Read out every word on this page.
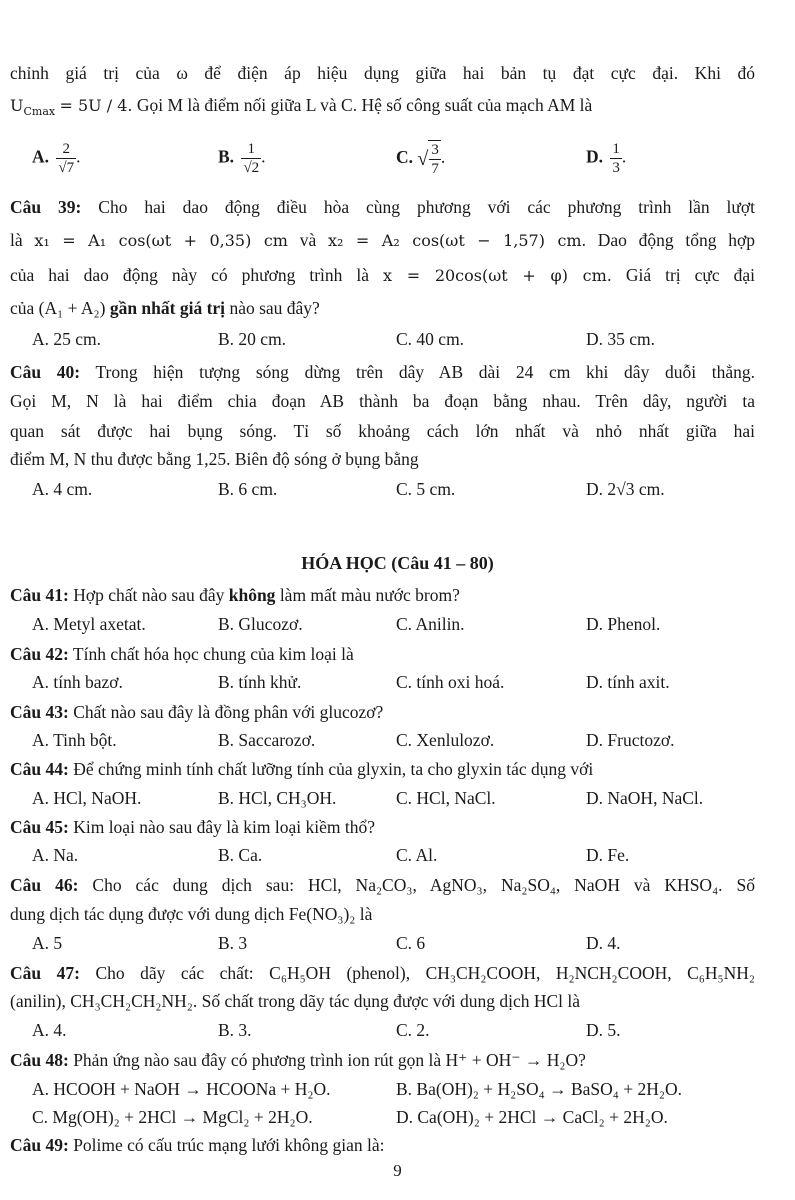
chỉnh giá trị của ω để điện áp hiệu dụng giữa hai bản tụ đạt cực đại. Khi đó
$U_{Cmax} = 5U / 4$. Gọi M là điểm nối giữa L và C. Hệ số công suất của mạch AM là
A. $\frac{2}{√7}$ .	B. $\frac{1}{√2}$ .	C. √ $\frac{3}{7}$ .	D. $\frac{1}{3}$ .
Câu 39: Cho hai dao động điều hòa cùng phương với các phương trình lần lượt
là x₁ = A₁ cos(ωt + 0,35) cm và x₂ = A₂ cos(ωt − 1,57) cm. Dao động tổng hợp
của hai dao động này có phương trình là x = 20cos(ωt + φ) cm. Giá trị cực đại
của (A₁ + A₂) gần nhất giá trị nào sau đây?
A. 25 cm.	B. 20 cm.	C. 40 cm.	D. 35 cm.
Câu 40: Trong hiện tượng sóng dừng trên dây AB dài 24 cm khi dây duỗi thẳng.
Gọi M, N là hai điểm chia đoạn AB thành ba đoạn bằng nhau. Trên dây, người ta
quan sát được hai bụng sóng. Tỉ số khoảng cách lớn nhất và nhỏ nhất giữa hai
điểm M, N thu được bằng 1,25. Biên độ sóng ở bụng bằng
A. 4 cm.	B. 6 cm.	C. 5 cm.	D. 2√3 cm.
HÓA HỌC (Câu 41 – 80)
Câu 41: Hợp chất nào sau đây không làm mất màu nước brom?
A. Metyl axetat.	B. Glucozơ.	C. Anilin.	D. Phenol.
Câu 42: Tính chất hóa học chung của kim loại là
A. tính bazơ.	B. tính khử.	C. tính oxi hoá.	D. tính axit.
Câu 43: Chất nào sau đây là đồng phân với glucozơ?
A. Tinh bột.	B. Saccarozơ.	C. Xenlulozơ.	D. Fructozơ.
Câu 44: Để chứng minh tính chất lưỡng tính của glyxin, ta cho glyxin tác dụng với
A. HCl, NaOH.	B. HCl, CH₃OH.	C. HCl, NaCl.	D. NaOH, NaCl.
Câu 45: Kim loại nào sau đây là kim loại kiềm thổ?
A. Na.	B. Ca.	C. Al.	D. Fe.
Câu 46: Cho các dung dịch sau: HCl, Na₂CO₃, AgNO₃, Na₂SO₄, NaOH và KHSO₄. Số
dung dịch tác dụng được với dung dịch Fe(NO₃)₂ là
A. 5	B. 3	C. 6	D. 4.
Câu 47: Cho dãy các chất: C₆H₅OH (phenol), CH₃CH₂COOH, H₂NCH₂COOH, C₆H₅NH₂
(anilin), CH₃CH₂CH₂NH₂. Số chất trong dãy tác dụng được với dung dịch HCl là
A. 4.	B. 3.	C. 2.	D. 5.
Câu 48: Phản ứng nào sau đây có phương trình ion rút gọn là H⁺ + OH⁻ → H₂O?
A. HCOOH + NaOH → HCOONa + H₂O.	B. Ba(OH)₂ + H₂SO₄ → BaSO₄ + 2H₂O.
C. Mg(OH)₂ + 2HCl → MgCl₂ + 2H₂O.	D. Ca(OH)₂ + 2HCl → CaCl₂ + 2H₂O.
Câu 49: Polime có cấu trúc mạng lưới không gian là:
9
